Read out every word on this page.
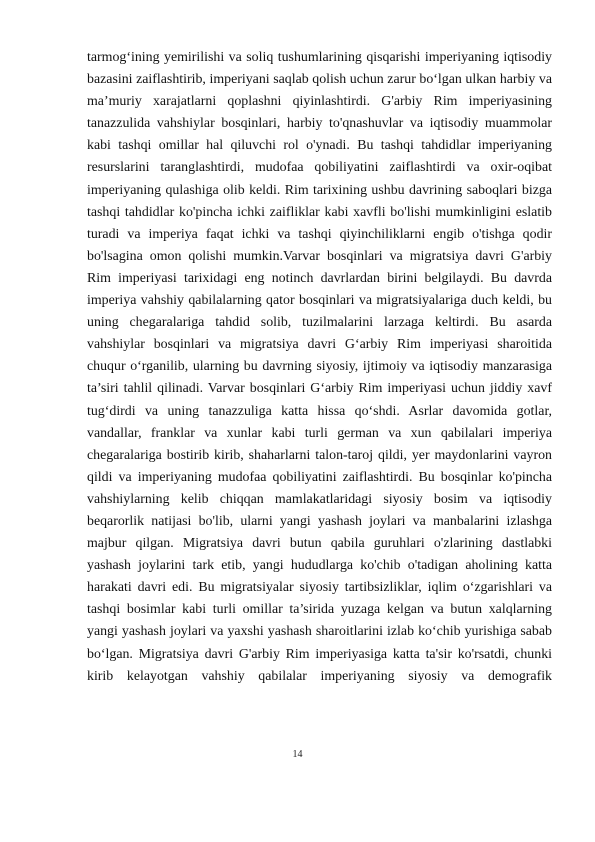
tarmog‘ining yemirilishi va soliq tushumlarining qisqarishi imperiyaning iqtisodiy
bazasini zaiflashtirib, imperiyani saqlab qolish uchun zarur bo‘lgan ulkan harbiy va
ma’muriy xarajatlarni qoplashni qiyinlashtirdi. G'arbiy Rim imperiyasining
tanazzulida vahshiylar bosqinlari, harbiy to'qnashuvlar va iqtisodiy muammolar
kabi tashqi omillar hal qiluvchi rol o'ynadi. Bu tashqi tahdidlar imperiyaning
resurslarini taranglashtirdi, mudofaa qobiliyatini zaiflashtirdi va oxir-oqibat
imperiyaning qulashiga olib keldi. Rim tarixining ushbu davrining saboqlari bizga
tashqi tahdidlar ko'pincha ichki zaifliklar kabi xavfli bo'lishi mumkinligini eslatib
turadi va imperiya faqat ichki va tashqi qiyinchiliklarni engib o'tishga qodir
bo'lsagina omon qolishi mumkin.Varvar bosqinlari va migratsiya davri G'arbiy
Rim imperiyasi tarixidagi eng notinch davrlardan birini belgilaydi. Bu davrda
imperiya vahshiy qabilalarning qator bosqinlari va migratsiyalariga duch keldi, bu
uning chegaralariga tahdid solib, tuzilmalarini larzaga keltirdi. Bu asarda
vahshiylar bosqinlari va migratsiya davri G‘arbiy Rim imperiyasi sharoitida
chuqur o‘rganilib, ularning bu davrning siyosiy, ijtimoiy va iqtisodiy manzarasiga
ta’siri tahlil qilinadi. Varvar bosqinlari G‘arbiy Rim imperiyasi uchun jiddiy xavf
tug‘dirdi va uning tanazzuliga katta hissa qo‘shdi. Asrlar davomida gotlar,
vandallar, franklar va xunlar kabi turli german va xun qabilalari imperiya
chegaralariga bostirib kirib, shaharlarni talon-taroj qildi, yer maydonlarini vayron
qildi va imperiyaning mudofaa qobiliyatini zaiflashtirdi. Bu bosqinlar ko'pincha
vahshiylarning kelib chiqqan mamlakatlaridagi siyosiy bosim va iqtisodiy
beqarorlik natijasi bo'lib, ularni yangi yashash joylari va manbalarini izlashga
majbur qilgan. Migratsiya davri butun qabila guruhlari o'zlarining dastlabki
yashash joylarini tark etib, yangi hududlarga ko'chib o'tadigan aholining katta
harakati davri edi. Bu migratsiyalar siyosiy tartibsizliklar, iqlim o‘zgarishlari va
tashqi bosimlar kabi turli omillar ta’sirida yuzaga kelgan va butun xalqlarning
yangi yashash joylari va yaxshi yashash sharoitlarini izlab ko‘chib yurishiga sabab
bo‘lgan. Migratsiya davri G'arbiy Rim imperiyasiga katta ta'sir ko'rsatdi, chunki
kirib kelayotgan vahshiy qabilalar imperiyaning siyosiy va demografik
14
